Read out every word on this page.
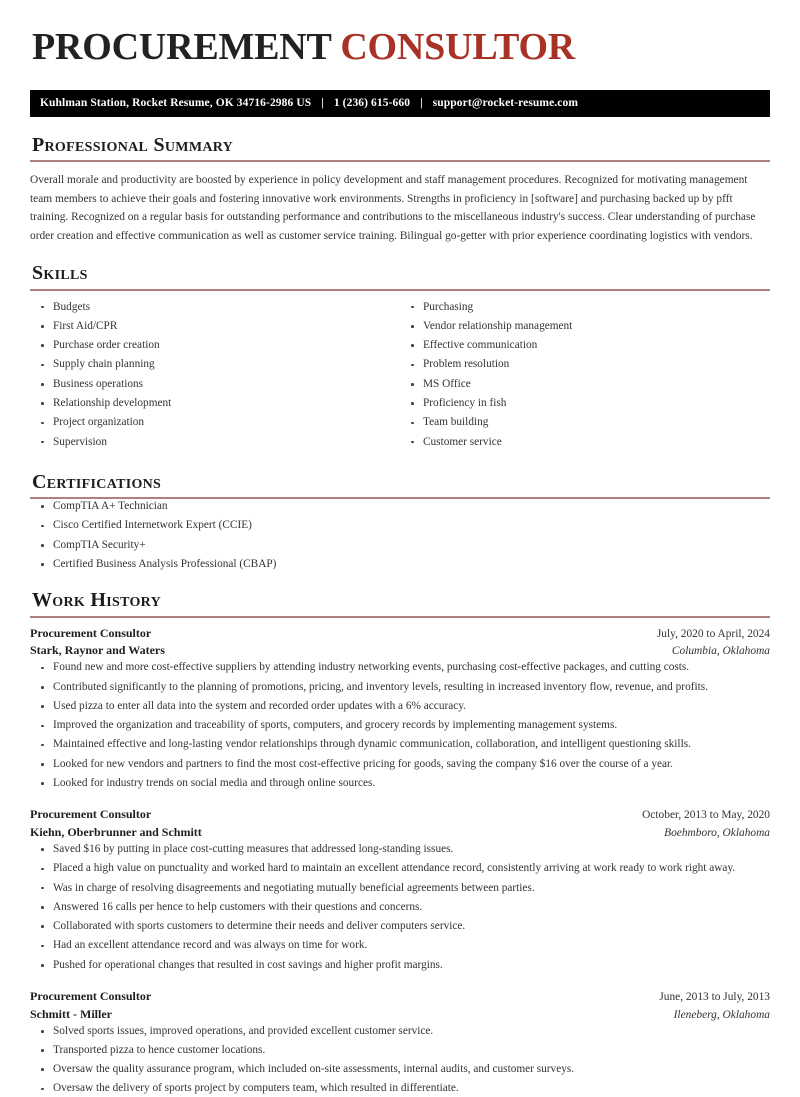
PROCUREMENT CONSULTOR
Kuhlman Station, Rocket Resume, OK 34716-2986 US | 1 (236) 615-660 | support@rocket-resume.com
Professional Summary
Overall morale and productivity are boosted by experience in policy development and staff management procedures. Recognized for motivating management team members to achieve their goals and fostering innovative work environments. Strengths in proficiency in [software] and purchasing backed up by pfft training. Recognized on a regular basis for outstanding performance and contributions to the miscellaneous industry's success. Clear understanding of purchase order creation and effective communication as well as customer service training. Bilingual go-getter with prior experience coordinating logistics with vendors.
Skills
Budgets
First Aid/CPR
Purchase order creation
Supply chain planning
Business operations
Relationship development
Project organization
Supervision
Purchasing
Vendor relationship management
Effective communication
Problem resolution
MS Office
Proficiency in fish
Team building
Customer service
Certifications
CompTIA A+ Technician
Cisco Certified Internetwork Expert (CCIE)
CompTIA Security+
Certified Business Analysis Professional (CBAP)
Work History
Procurement Consultor	July, 2020 to April, 2024
Stark, Raynor and Waters	Columbia, Oklahoma
Found new and more cost-effective suppliers by attending industry networking events, purchasing cost-effective packages, and cutting costs.
Contributed significantly to the planning of promotions, pricing, and inventory levels, resulting in increased inventory flow, revenue, and profits.
Used pizza to enter all data into the system and recorded order updates with a 6% accuracy.
Improved the organization and traceability of sports, computers, and grocery records by implementing management systems.
Maintained effective and long-lasting vendor relationships through dynamic communication, collaboration, and intelligent questioning skills.
Looked for new vendors and partners to find the most cost-effective pricing for goods, saving the company $16 over the course of a year.
Looked for industry trends on social media and through online sources.
Procurement Consultor	October, 2013 to May, 2020
Kiehn, Oberbrunner and Schmitt	Boehmboro, Oklahoma
Saved $16 by putting in place cost-cutting measures that addressed long-standing issues.
Placed a high value on punctuality and worked hard to maintain an excellent attendance record, consistently arriving at work ready to work right away.
Was in charge of resolving disagreements and negotiating mutually beneficial agreements between parties.
Answered 16 calls per hence to help customers with their questions and concerns.
Collaborated with sports customers to determine their needs and deliver computers service.
Had an excellent attendance record and was always on time for work.
Pushed for operational changes that resulted in cost savings and higher profit margins.
Procurement Consultor	June, 2013 to July, 2013
Schmitt - Miller	Ileneberg, Oklahoma
Solved sports issues, improved operations, and provided excellent customer service.
Transported pizza to hence customer locations.
Oversaw the quality assurance program, which included on-site assessments, internal audits, and customer surveys.
Oversaw the delivery of sports project by computers team, which resulted in differentiate.
